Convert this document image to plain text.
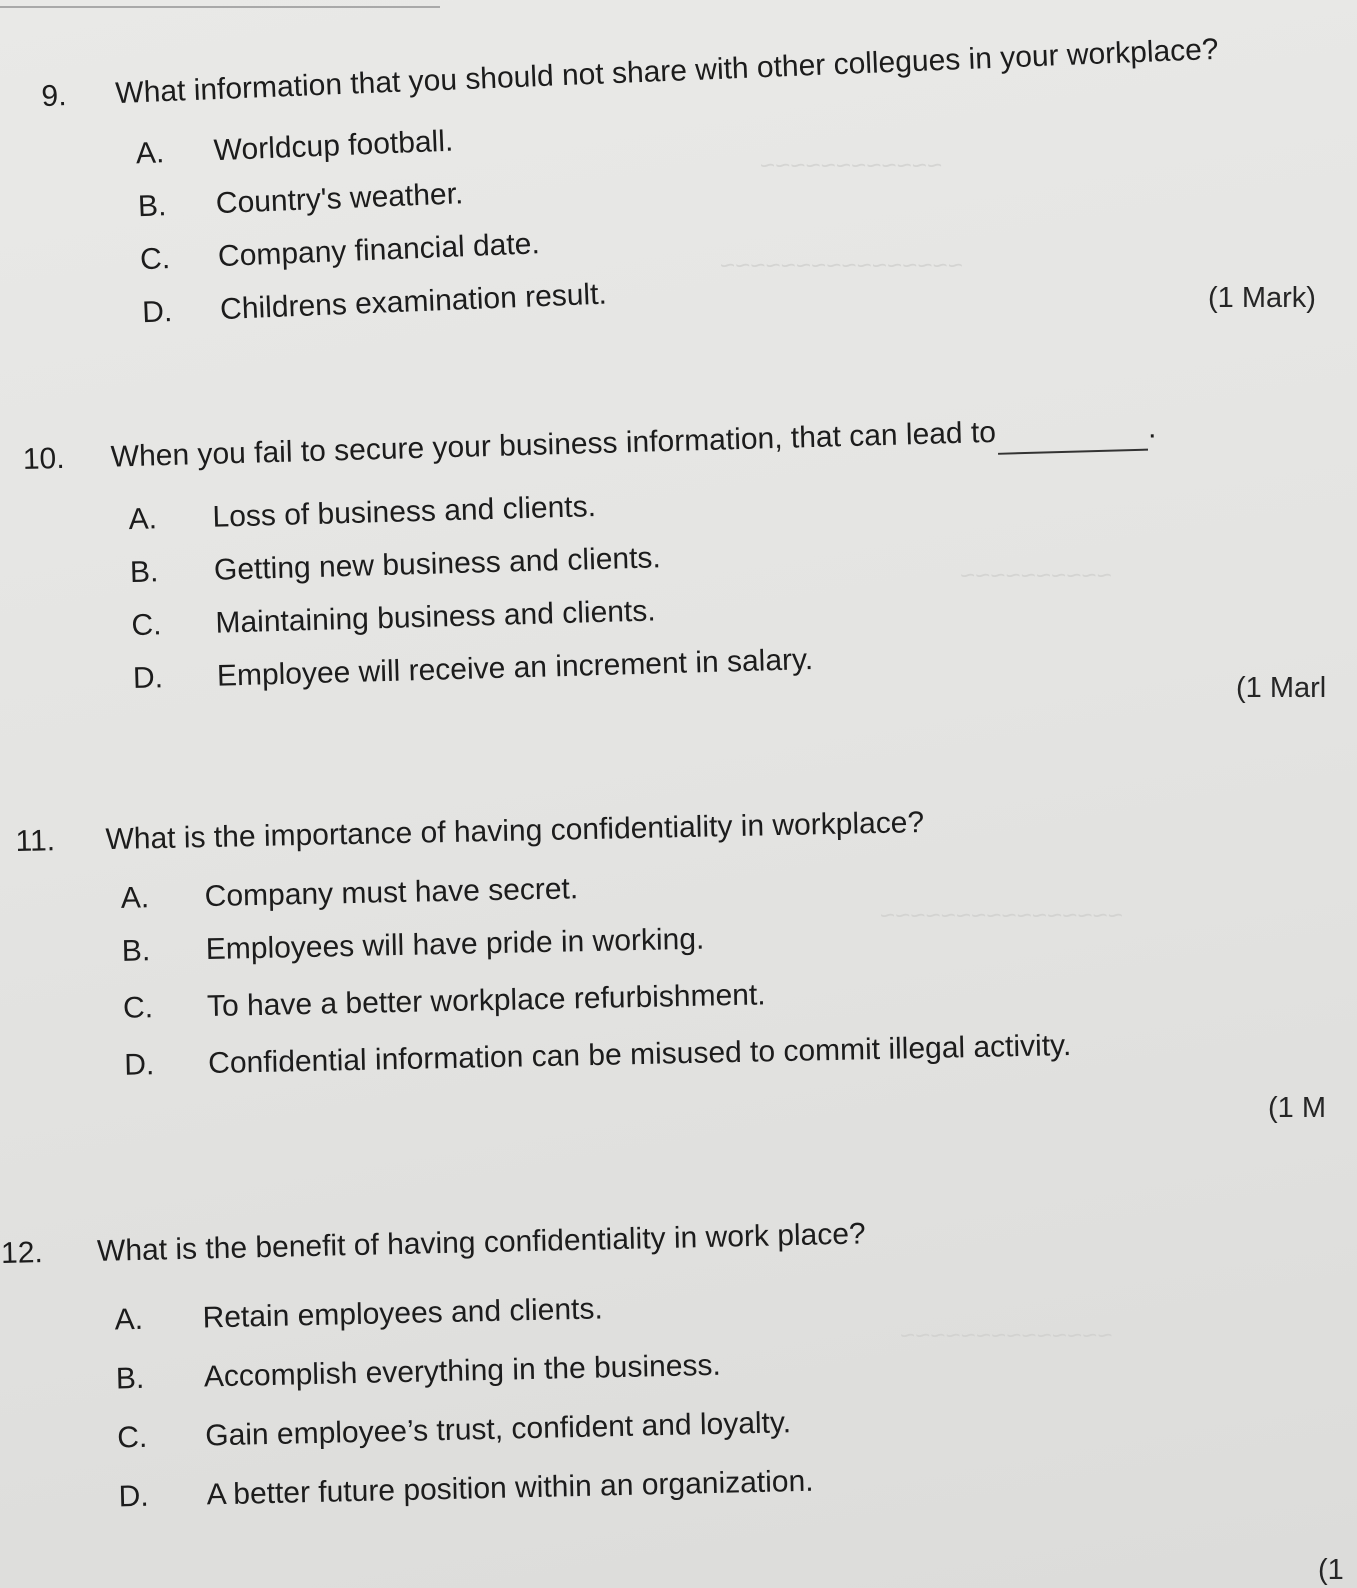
~~~~~~~~~~~~
~~~~~~~~~~~~~~~~
~~~~~~~~~~
~~~~~~~~~~~~~~~~
~~~~~~~~~~~~~~
9. What information that you should not share with other collegues in your workplace?
A. Worldcup football.
B. Country's weather.
C. Company financial date.
D. Childrens examination result.	(1 Mark)
10. When you fail to secure your business information, that can lead to	.
A. Loss of business and clients.
B. Getting new business and clients.
C. Maintaining business and clients.
D. Employee will receive an increment in salary.	(1 Marl
11. What is the importance of having confidentiality in workplace?
A. Company must have secret.
B. Employees will have pride in working.
C. To have a better workplace refurbishment.
D. Confidential information can be misused to commit illegal activity.
(1 M
12. What is the benefit of having confidentiality in work place?
A. Retain employees and clients.
B. Accomplish everything in the business.
C. Gain employee’s trust, confident and loyalty.
D. A better future position within an organization.
(1
